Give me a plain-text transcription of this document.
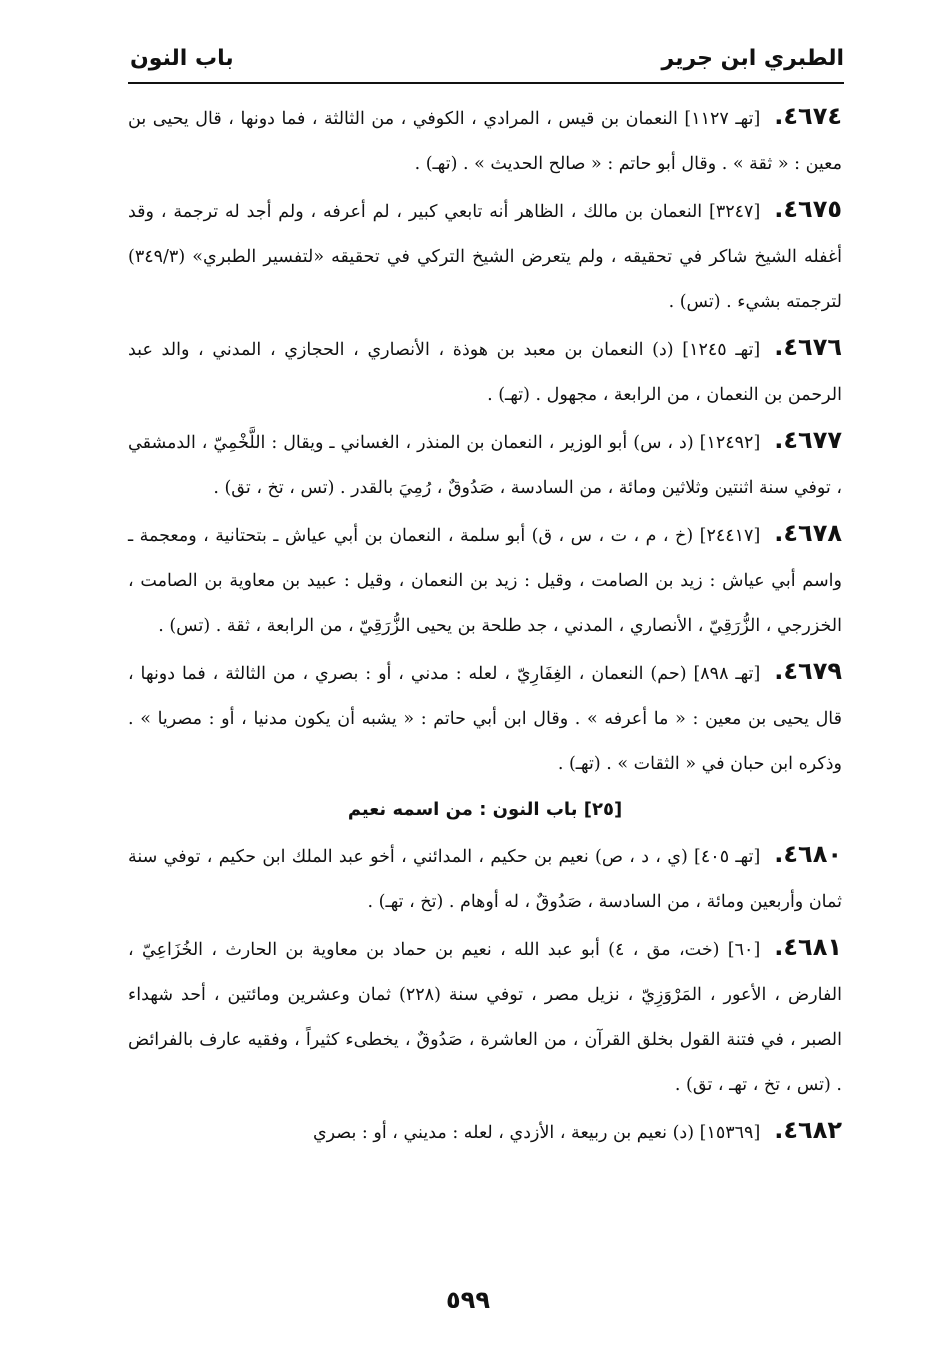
الطبري ابن جرير
باب النون

٤٦٧٤.[تهـ ١١٢٧] النعمان بن قيس ، المرادي ، الكوفي ، من الثالثة ، فما دونها ، قال يحيى بن معين : « ثقة » . وقال أبو حاتم : « صالح الحديث » . (تهـ) .

٤٦٧٥.[٣٢٤٧] النعمان بن مالك ، الظاهر أنه تابعي كبير ، لم أعرفه ، ولم أجد له ترجمة ، وقد أغفله الشيخ شاكر في تحقيقه ، ولم يتعرض الشيخ التركي في تحقيقه «لتفسير الطبري» (٣٤٩/٣) لترجمته بشيء . (تس) .

٤٦٧٦.[تهـ ١٢٤٥] (د) النعمان بن معبد بن هوذة ، الأنصاري ، الحجازي ، المدني ، والد عبد الرحمن بن النعمان ، من الرابعة ، مجهول . (تهـ) .

٤٦٧٧.[١٢٤٩٢] (د ، س) أبو الوزير ، النعمان بن المنذر ، الغساني ـ ويقال : اللَّخْمِيّ ، الدمشقي ، توفي سنة اثنتين وثلاثين ومائة ، من السادسة ، صَدُوقٌ ، رُمِيَ بالقدر . (تس ، تخ ، تق) .

٤٦٧٨.[٢٤٤١٧] (خ ، م ، ت ، س ، ق) أبو سلمة ، النعمان بن أبي عياش ـ بتحتانية ، ومعجمة ـ واسم أبي عياش : زيد بن الصامت ، وقيل : زيد بن النعمان ، وقيل : عبيد بن معاوية بن الصامت ، الخزرجي ، الزُّرَقِيّ ، الأنصاري ، المدني ، جد طلحة بن يحيى الزُّرَقِيّ ، من الرابعة ، ثقة . (تس) .

٤٦٧٩.[تهـ ٨٩٨] (حم) النعمان ، الغِفَارِيّ ، لعله : مدني ، أو : بصري ، من الثالثة ، فما دونها ، قال يحيى بن معين : « ما أعرفه » . وقال ابن أبي حاتم : « يشبه أن يكون مدنيا ، أو : مصريا » . وذكره ابن حبان في « الثقات » . (تهـ) .

[٢٥] باب النون : من اسمه نعيم

٤٦٨٠.[تهـ ٤٠٥] (ي ، د ، ص) نعيم بن حكيم ، المدائني ، أخو عبد الملك ابن حكيم ، توفي سنة ثمان وأربعين ومائة ، من السادسة ، صَدُوقٌ ، له أوهام . (تخ ، تهـ) .

٤٦٨١.[٦٠] (خت، مق ، ٤) أبو عبد الله ، نعيم بن حماد بن معاوية بن الحارث ، الخُزَاعِيّ ، الفارض ، الأعور ، المَرْوَزِيّ ، نزيل مصر ، توفي سنة (٢٢٨) ثمان وعشرين ومائتين ، أحد شهداء الصبر ، في فتنة القول بخلق القرآن ، من العاشرة ، صَدُوقٌ ، يخطىء كثيراً ، وفقيه عارف بالفرائض . (تس ، تخ ، تهـ ، تق) .

٤٦٨٢.[١٥٣٦٩] (د) نعيم بن ربيعة ، الأزدي ، لعله : مديني ، أو : بصري

٥٩٩
